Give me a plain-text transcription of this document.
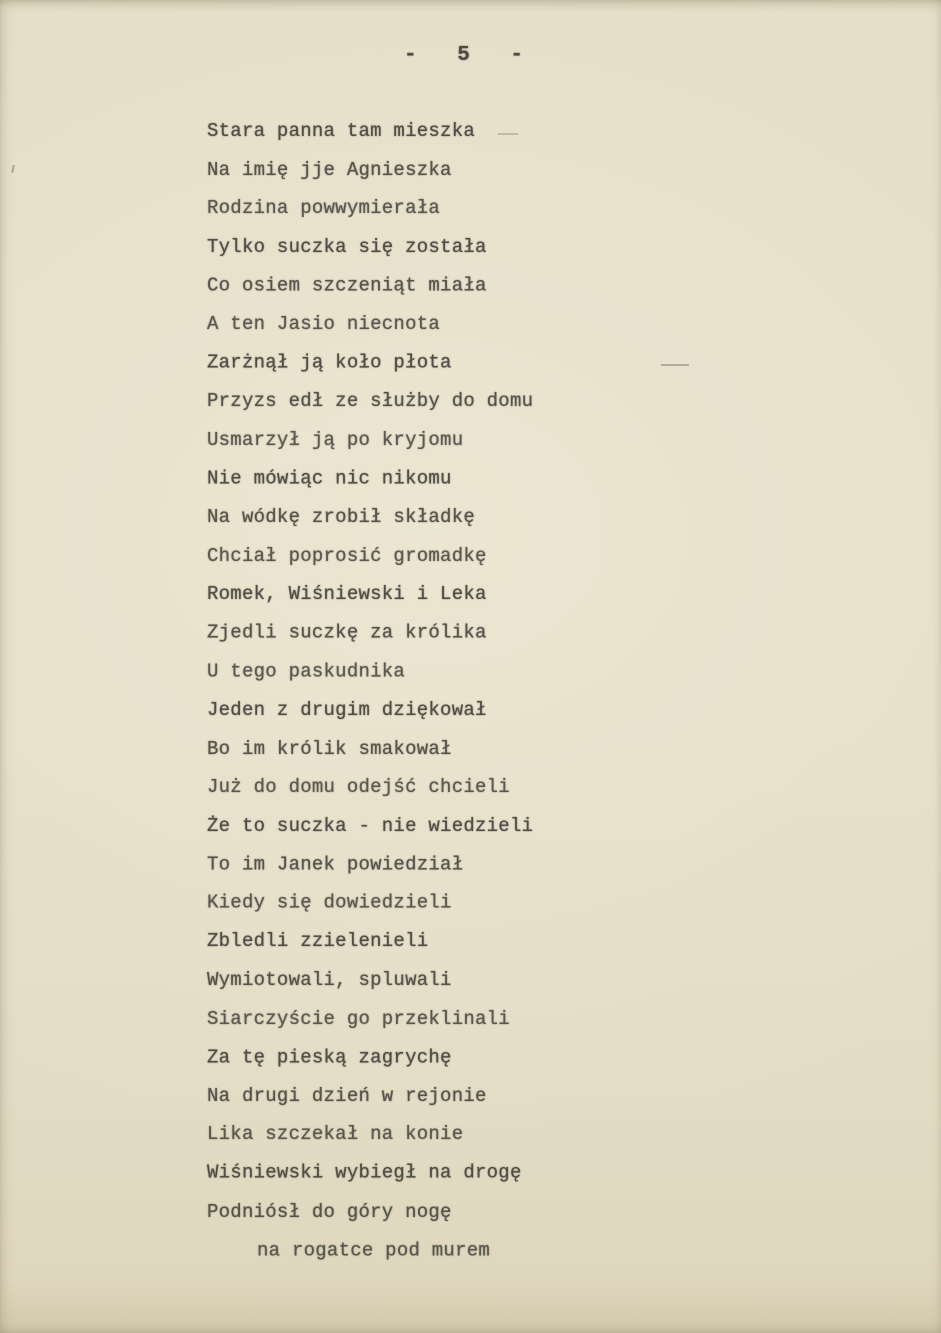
- 5 -
Stara panna tam mieszka
Na imię jje Agnieszka
Rodzina powwymierała
Tylko suczka się została
Co osiem szczeniąt miała
A ten Jasio niecnota
Zarżnął ją koło płota
Przyzs edł ze służby do domu
Usmarzył ją po kryjomu
Nie mówiąc nic nikomu
Na wódkę zrobił składkę
Chciał poprosić gromadkę
Romek, Wiśniewski i Leka
Zjedli suczkę za królika
U tego paskudnika
Jeden z drugim dziękował
Bo im królik smakował
Już do domu odejść chcieli
Że to suczka - nie wiedzieli
To im Janek powiedział
Kiedy się dowiedzieli
Zbledli zzielenieli
Wymiotowali, spluwali
Siarczyście go przeklinali
Za tę pieską zagrychę
Na drugi dzień w rejonie
Lika szczekał na konie
Wiśniewski wybiegł na drogę
Podniósł do góry nogę
na rogatce pod murem
